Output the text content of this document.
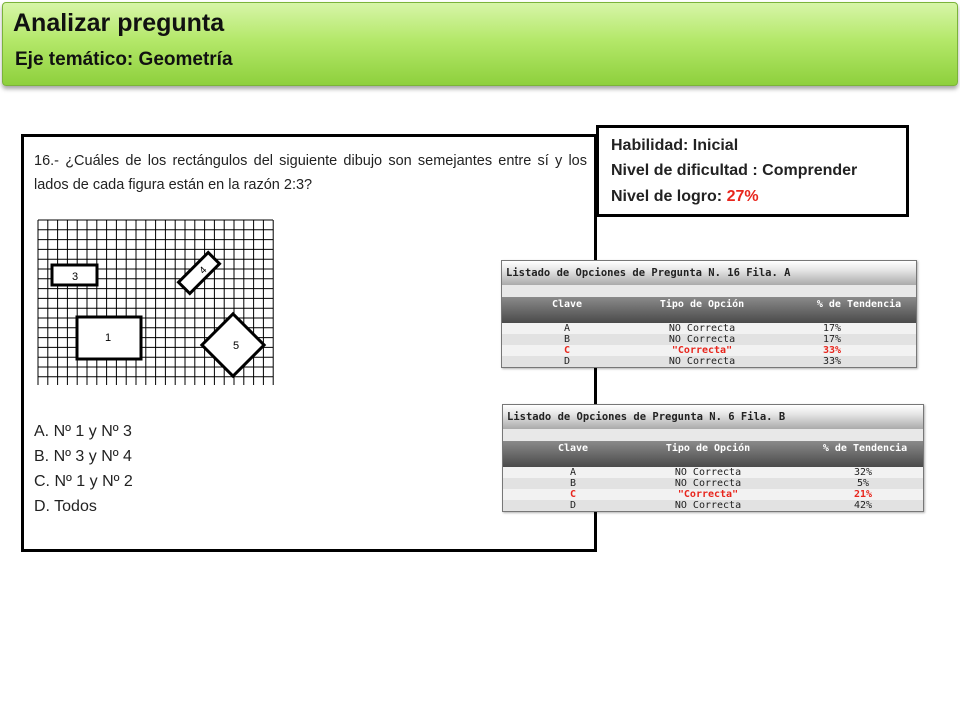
Analizar pregunta
Eje temático: Geometría
16.- ¿Cuáles de los rectángulos del siguiente dibujo son semejantes entre sí y los lados de cada figura están en la razón 2:3?
3
4
1
5
A. Nº 1 y Nº 3
B. Nº 3 y Nº 4
C. Nº 1 y Nº 2
D. Todos
Habilidad: Inicial
Nivel de dificultad : Comprender
Nivel de logro: 27%
Listado de Opciones de Pregunta N. 16 Fila. A
Clave	Tipo de Opción	% de Tendencia
A	NO Correcta	17%
B	NO Correcta	17%
C	"Correcta"	33%
D	NO Correcta	33%
Listado de Opciones de Pregunta N. 6 Fila. B
Clave	Tipo de Opción	% de Tendencia
A	NO Correcta	32%
B	NO Correcta	5%
C	"Correcta"	21%
D	NO Correcta	42%
